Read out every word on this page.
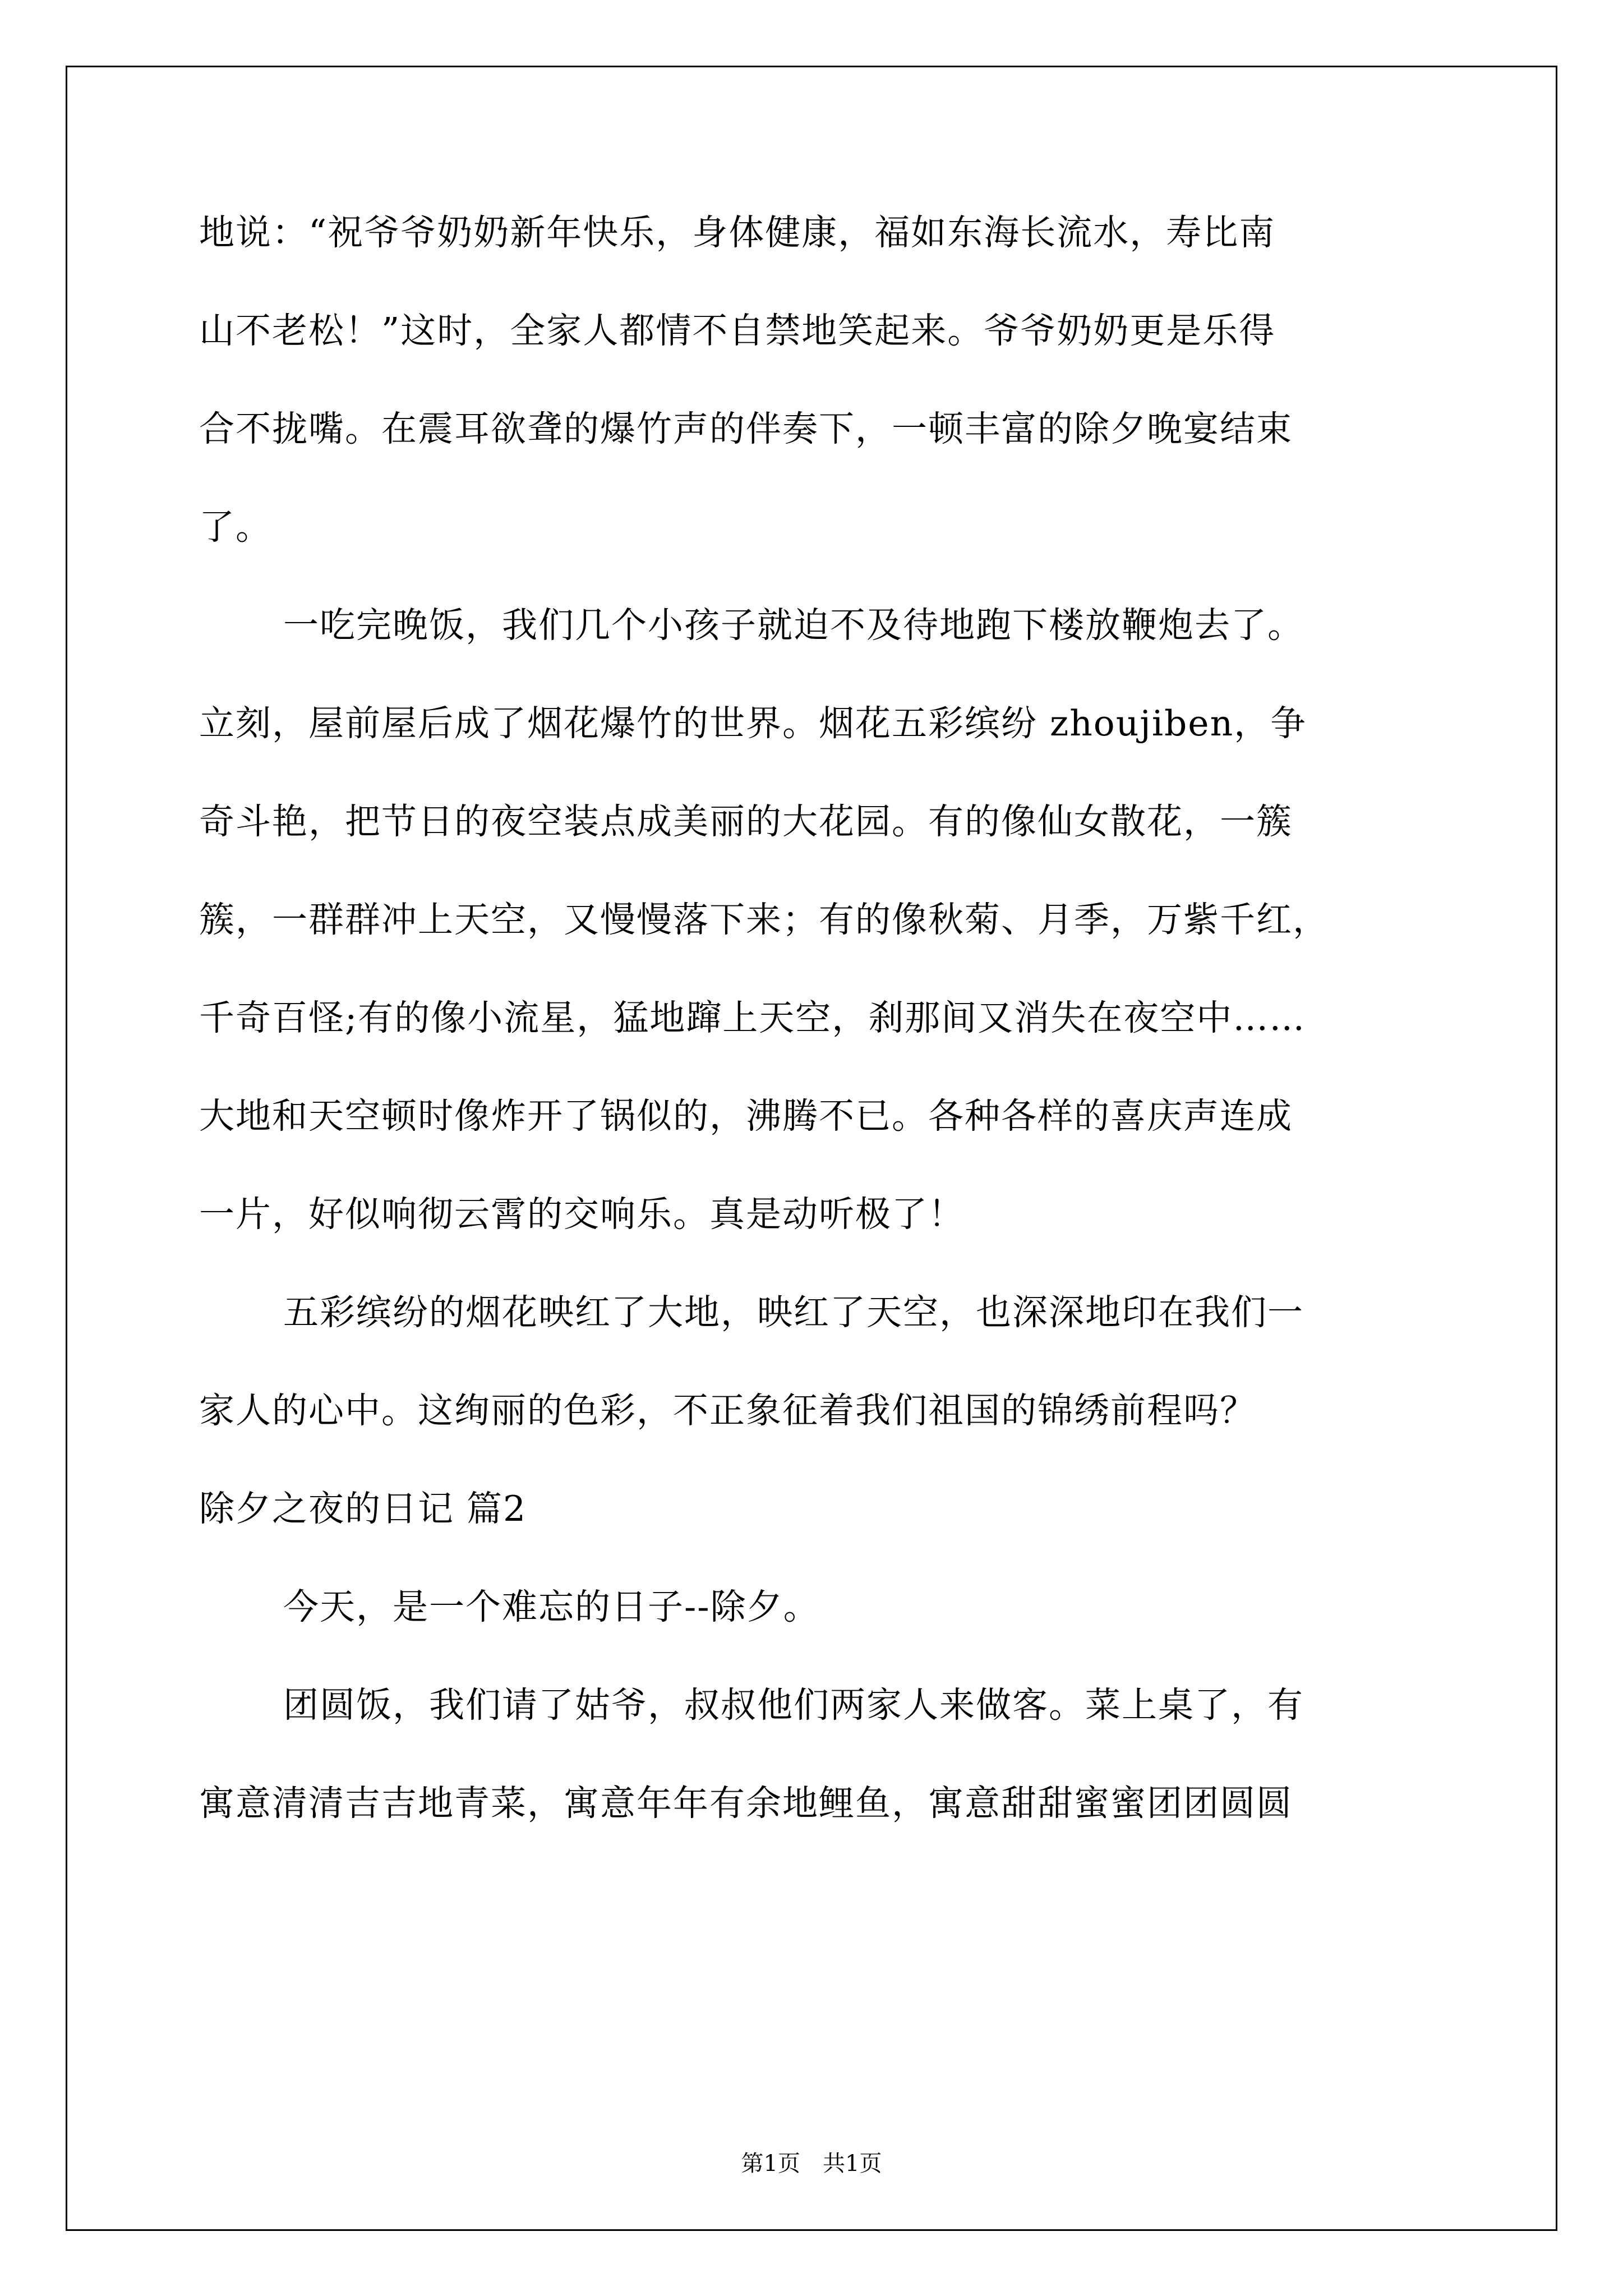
地说：“祝爷爷奶奶新年快乐，身体健康，福如东海长流水，寿比南
山不老松！”这时，全家人都情不自禁地笑起来。爷爷奶奶更是乐得
合不拢嘴。在震耳欲聋的爆竹声的伴奏下，一顿丰富的除夕晚宴结束
了。
一吃完晚饭，我们几个小孩子就迫不及待地跑下楼放鞭炮去了。
立刻，屋前屋后成了烟花爆竹的世界。烟花五彩缤纷 zhoujiben，争
奇斗艳，把节日的夜空装点成美丽的大花园。有的像仙女散花，一簇
簇，一群群冲上天空，又慢慢落下来；有的像秋菊、月季，万紫千红，
千奇百怪;有的像小流星，猛地蹿上天空，刹那间又消失在夜空中……
大地和天空顿时像炸开了锅似的，沸腾不已。各种各样的喜庆声连成
一片，好似响彻云霄的交响乐。真是动听极了！
五彩缤纷的烟花映红了大地，映红了天空，也深深地印在我们一
家人的心中。这绚丽的色彩，不正象征着我们祖国的锦绣前程吗？
除夕之夜的日记 篇2
今天，是一个难忘的日子--除夕。
团圆饭，我们请了姑爷，叔叔他们两家人来做客。菜上桌了，有
寓意清清吉吉地青菜，寓意年年有余地鲤鱼，寓意甜甜蜜蜜团团圆圆
第1页　共1页
